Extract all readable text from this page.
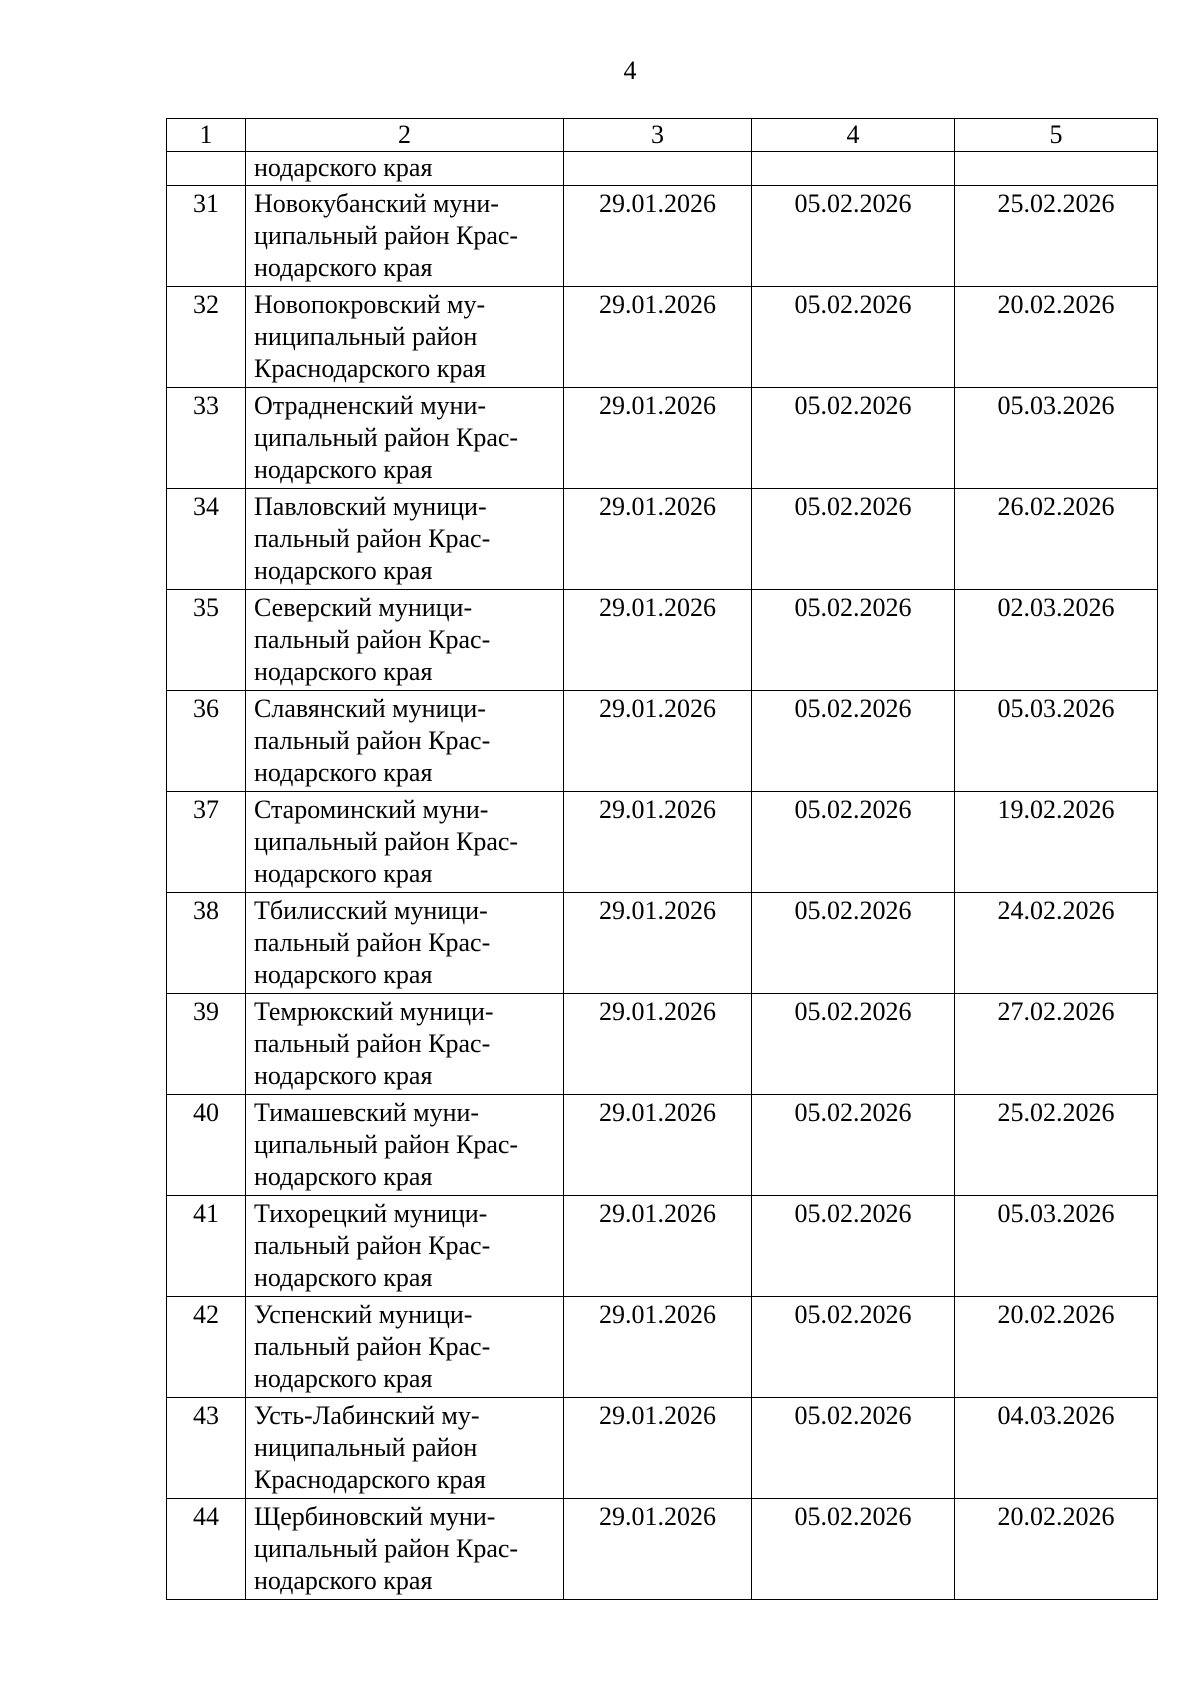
4
1	2	3	4	5
	нодарского края			
31	Новокубанский муни-
ципальный район Крас-
нодарского края	29.01.2026	05.02.2026	25.02.2026
32	Новопокровский му-
ниципальный район
Краснодарского края	29.01.2026	05.02.2026	20.02.2026
33	Отрадненский муни-
ципальный район Крас-
нодарского края	29.01.2026	05.02.2026	05.03.2026
34	Павловский муници-
пальный район Крас-
нодарского края	29.01.2026	05.02.2026	26.02.2026
35	Северский муници-
пальный район Крас-
нодарского края	29.01.2026	05.02.2026	02.03.2026
36	Славянский муници-
пальный район Крас-
нодарского края	29.01.2026	05.02.2026	05.03.2026
37	Староминский муни-
ципальный район Крас-
нодарского края	29.01.2026	05.02.2026	19.02.2026
38	Тбилисский муници-
пальный район Крас-
нодарского края	29.01.2026	05.02.2026	24.02.2026
39	Темрюкский муници-
пальный район Крас-
нодарского края	29.01.2026	05.02.2026	27.02.2026
40	Тимашевский муни-
ципальный район Крас-
нодарского края	29.01.2026	05.02.2026	25.02.2026
41	Тихорецкий муници-
пальный район Крас-
нодарского края	29.01.2026	05.02.2026	05.03.2026
42	Успенский муници-
пальный район Крас-
нодарского края	29.01.2026	05.02.2026	20.02.2026
43	Усть-Лабинский му-
ниципальный район
Краснодарского края	29.01.2026	05.02.2026	04.03.2026
44	Щербиновский муни-
ципальный район Крас-
нодарского края	29.01.2026	05.02.2026	20.02.2026
